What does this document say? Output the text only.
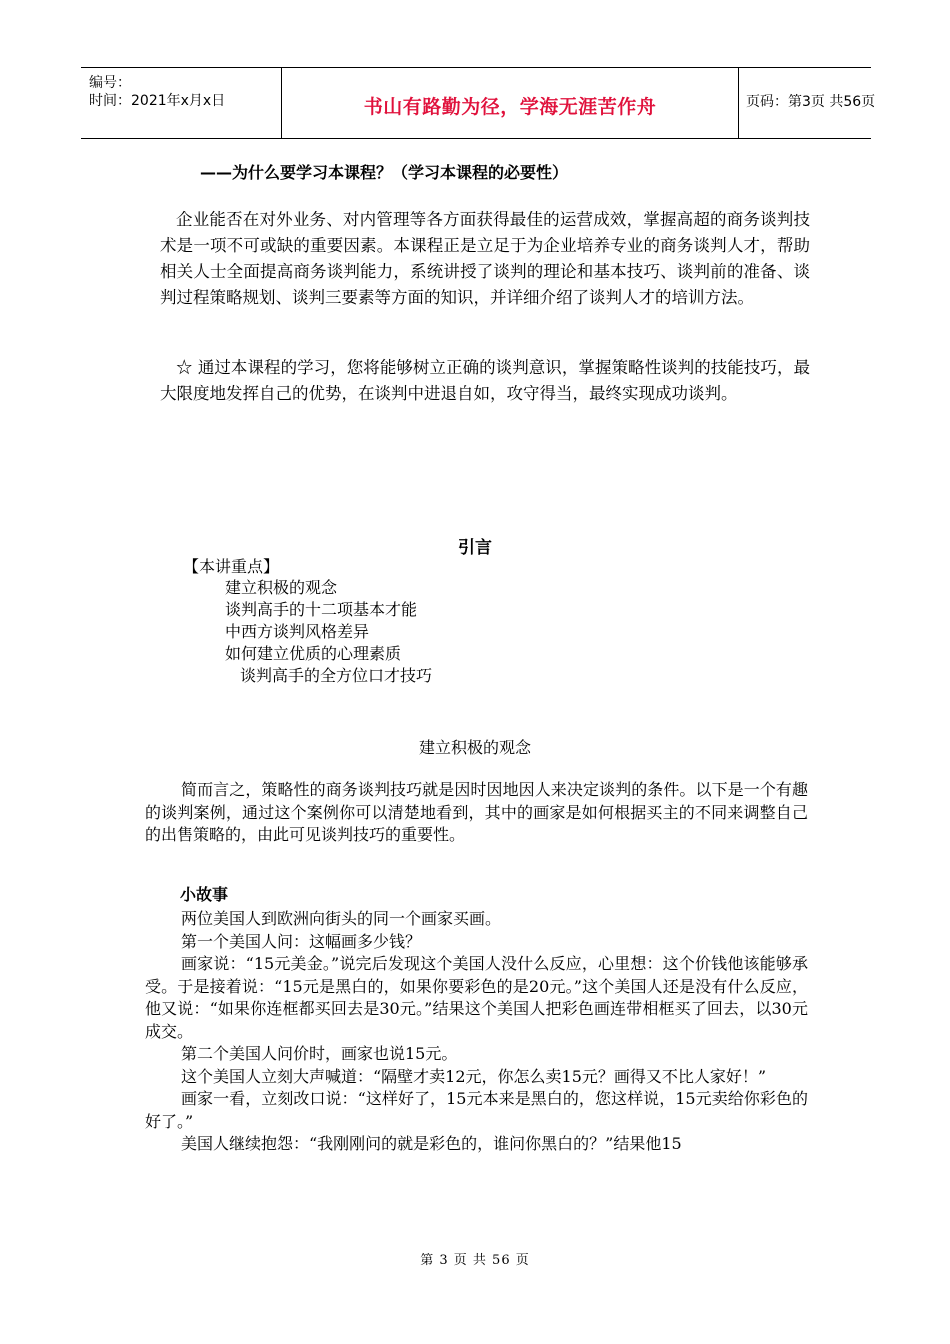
编号：
时间：2021年x月x日	书山有路勤为径，学海无涯苦作舟	页码：第3页 共56页
——为什么要学习本课程？（学习本课程的必要性）

企业能否在对外业务、对内管理等各方面获得最佳的运营成效，掌握高超的商务谈判技术是一项不可或缺的重要因素。本课程正是立足于为企业培养专业的商务谈判人才，帮助相关人士全面提高商务谈判能力，系统讲授了谈判的理论和基本技巧、谈判前的准备、谈判过程策略规划、谈判三要素等方面的知识，并详细介绍了谈判人才的培训方法。

☆ 通过本课程的学习，您将能够树立正确的谈判意识，掌握策略性谈判的技能技巧，最大限度地发挥自己的优势，在谈判中进退自如，攻守得当，最终实现成功谈判。

引言
【本讲重点】
建立积极的观念
谈判高手的十二项基本才能
中西方谈判风格差异
如何建立优质的心理素质
谈判高手的全方位口才技巧
建立积极的观念

简而言之，策略性的商务谈判技巧就是因时因地因人来决定谈判的条件。以下是一个有趣的谈判案例，通过这个案例你可以清楚地看到，其中的画家是如何根据买主的不同来调整自己的出售策略的，由此可见谈判技巧的重要性。

小故事

两位美国人到欧洲向街头的同一个画家买画。

第一个美国人问：这幅画多少钱？

画家说：“15元美金。”说完后发现这个美国人没什么反应，心里想：这个价钱他该能够承受。于是接着说：“15元是黑白的，如果你要彩色的是20元。”这个美国人还是没有什么反应，他又说：“如果你连框都买回去是30元。”结果这个美国人把彩色画连带相框买了回去，以30元成交。

第二个美国人问价时，画家也说15元。

这个美国人立刻大声喊道：“隔壁才卖12元，你怎么卖15元？画得又不比人家好！”

画家一看，立刻改口说：“这样好了，15元本来是黑白的，您这样说，15元卖给你彩色的好了。”

美国人继续抱怨：“我刚刚问的就是彩色的，谁问你黑白的？”结果他15

第 3 页 共 56 页
